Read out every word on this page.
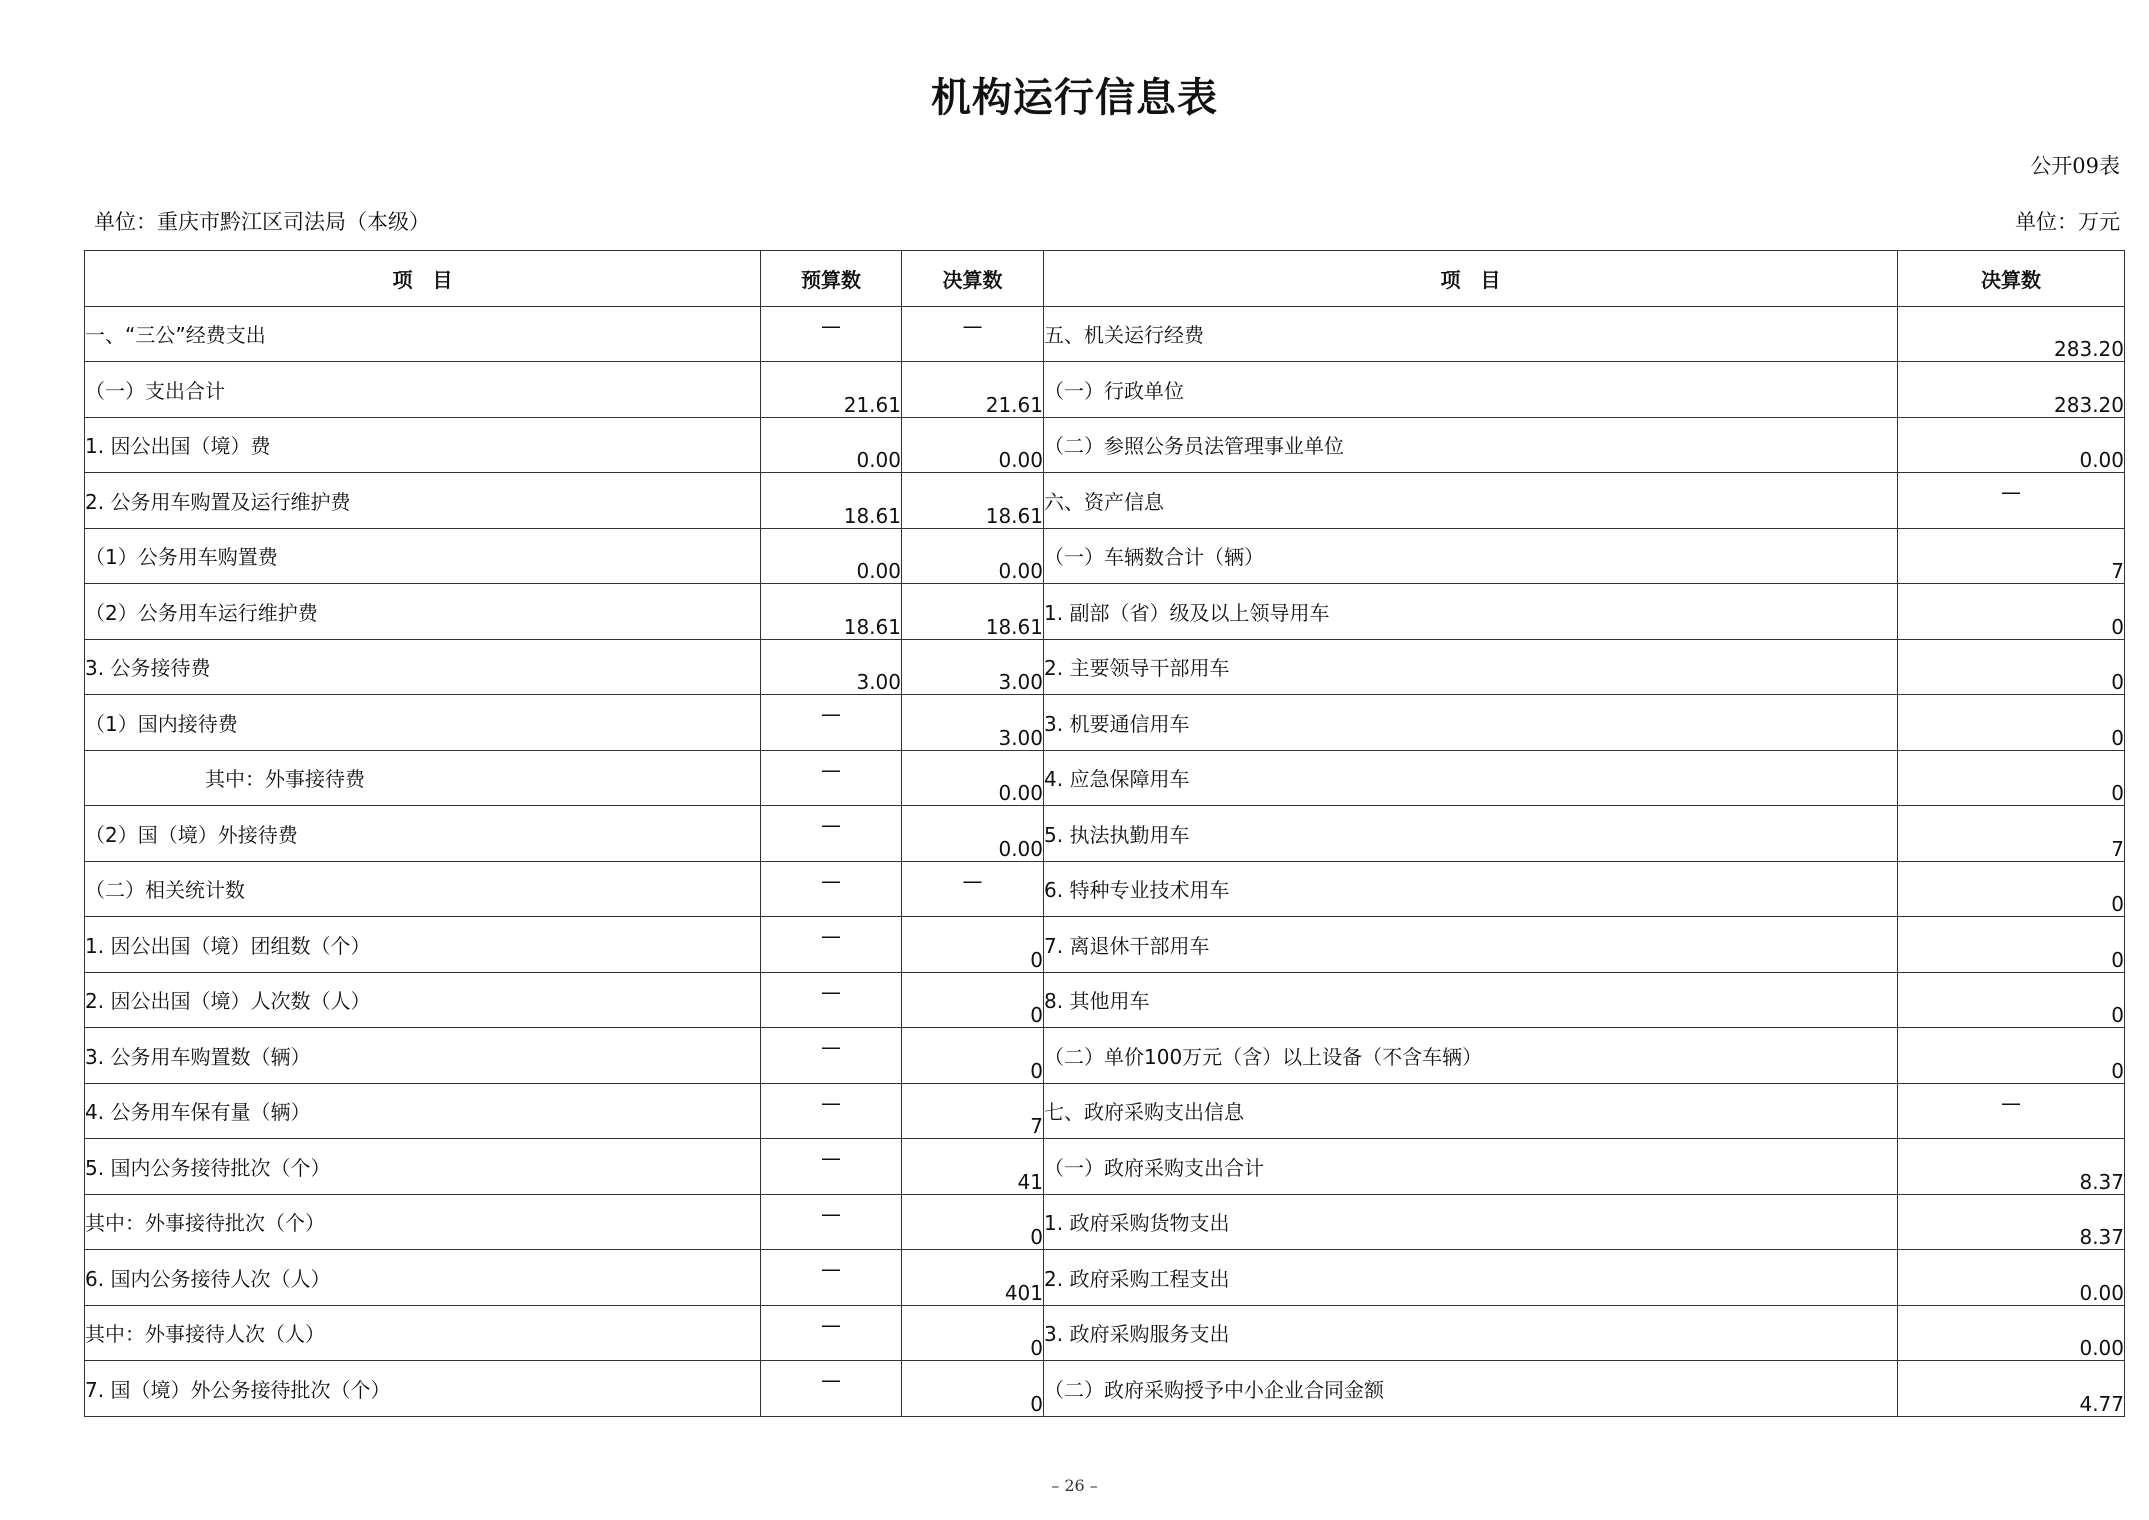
机构运行信息表
公开09表
单位：重庆市黔江区司法局（本级）	单位：万元
项　目	预算数	决算数	项　目	决算数
一、“三公”经费支出	—	—	五、机关运行经费	283.20
（一）支出合计	21.61	21.61	（一）行政单位	283.20
1. 因公出国（境）费	0.00	0.00	（二）参照公务员法管理事业单位	0.00
2. 公务用车购置及运行维护费	18.61	18.61	六、资产信息	—
（1）公务用车购置费	0.00	0.00	（一）车辆数合计（辆）	7
（2）公务用车运行维护费	18.61	18.61	1. 副部（省）级及以上领导用车	0
3. 公务接待费	3.00	3.00	2. 主要领导干部用车	0
（1）国内接待费	—	3.00	3. 机要通信用车	0
其中：外事接待费	—	0.00	4. 应急保障用车	0
（2）国（境）外接待费	—	0.00	5. 执法执勤用车	7
（二）相关统计数	—	—	6. 特种专业技术用车	0
1. 因公出国（境）团组数（个）	—	0	7. 离退休干部用车	0
2. 因公出国（境）人次数（人）	—	0	8. 其他用车	0
3. 公务用车购置数（辆）	—	0	（二）单价100万元（含）以上设备（不含车辆）	0
4. 公务用车保有量（辆）	—	7	七、政府采购支出信息	—
5. 国内公务接待批次（个）	—	41	（一）政府采购支出合计	8.37
其中：外事接待批次（个）	—	0	1. 政府采购货物支出	8.37
6. 国内公务接待人次（人）	—	401	2. 政府采购工程支出	0.00
其中：外事接待人次（人）	—	0	3. 政府采购服务支出	0.00
7. 国（境）外公务接待批次（个）	—	0	（二）政府采购授予中小企业合同金额	4.77
– 26 –
